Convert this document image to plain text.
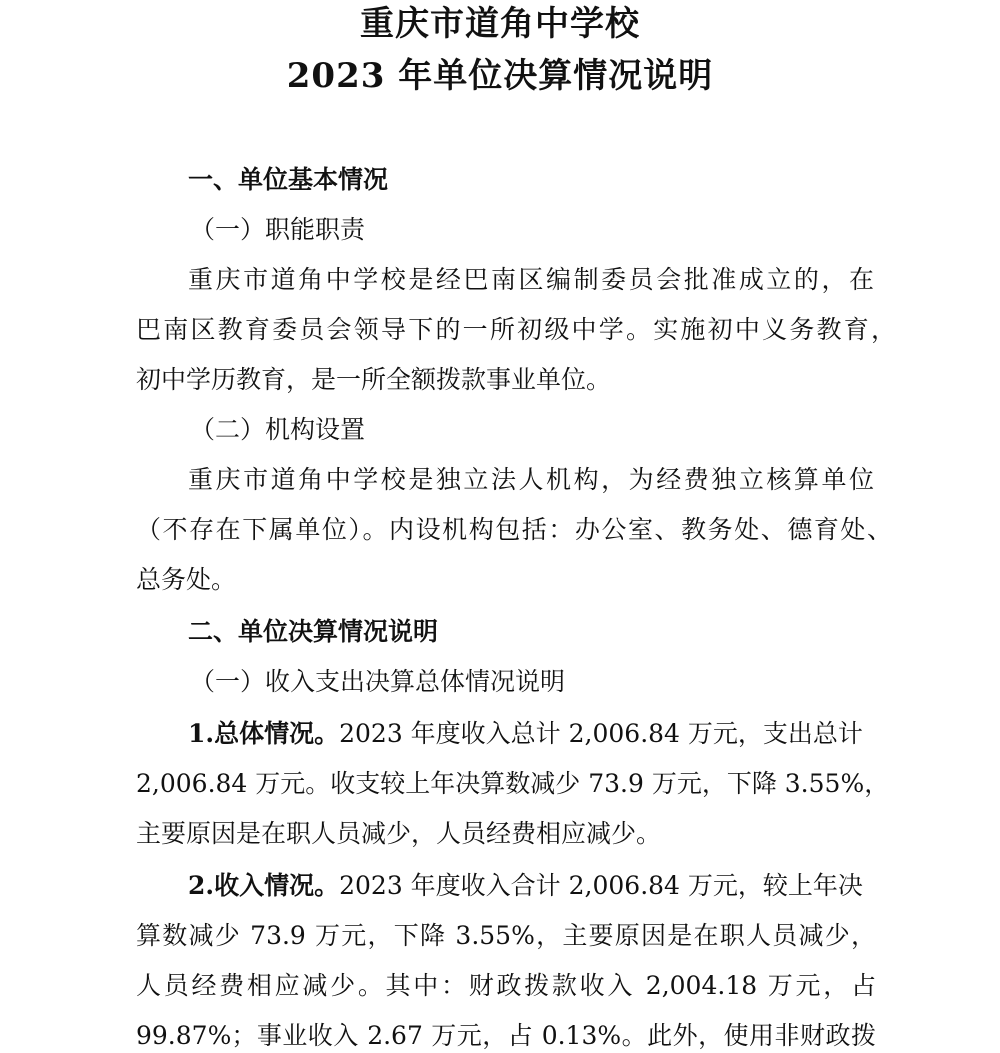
重庆市道角中学校
2023 年单位决算情况说明
一、单位基本情况
（一）职能职责
重庆市道角中学校是经巴南区编制委员会批准成立的，在
巴南区教育委员会领导下的一所初级中学。实施初中义务教育，
初中学历教育，是一所全额拨款事业单位。
（二）机构设置
重庆市道角中学校是独立法人机构，为经费独立核算单位
（不存在下属单位）。内设机构包括：办公室、教务处、德育处、
总务处。
二、单位决算情况说明
（一）收入支出决算总体情况说明
1.总体情况。2023 年度收入总计 2,006.84 万元，支出总计
2,006.84 万元。收支较上年决算数减少 73.9 万元，下降 3.55%，
主要原因是在职人员减少，人员经费相应减少。
2.收入情况。2023 年度收入合计 2,006.84 万元，较上年决
算数减少 73.9 万元，下降 3.55%，主要原因是在职人员减少，
人员经费相应减少。其中：财政拨款收入 2,004.18 万元，占
99.87%；事业收入 2.67 万元，占 0.13%。此外，使用非财政拨
